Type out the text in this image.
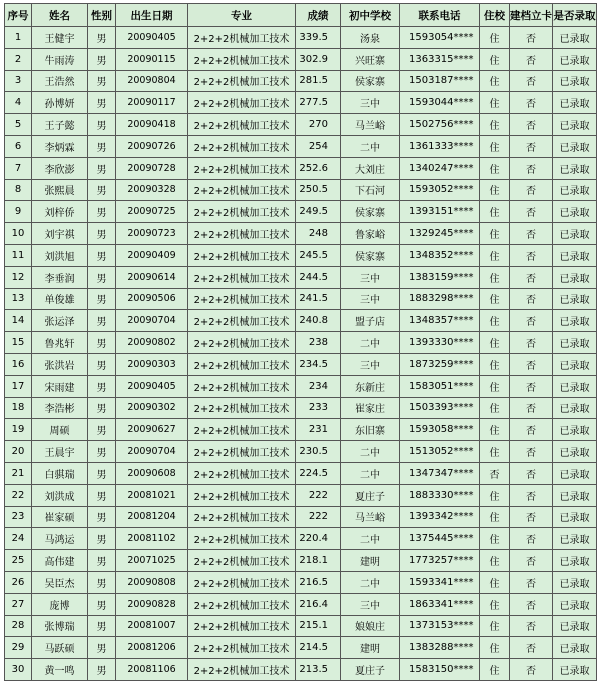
序号	姓名	性别	出生日期	专业	成绩	初中学校	联系电话	住校	建档立卡	是否录取
1	王健宇	男	20090405	2+2+2机械加工技术	339.5	汤泉	1593054****	住	否	已录取
2	牛雨涛	男	20090115	2+2+2机械加工技术	302.9	兴旺寨	1363315****	住	否	已录取
3	王浩然	男	20090804	2+2+2机械加工技术	281.5	侯家寨	1503187****	住	否	已录取
4	孙博妍	男	20090117	2+2+2机械加工技术	277.5	三中	1593044****	住	否	已录取
5	王子懿	男	20090418	2+2+2机械加工技术	270	马兰峪	1502756****	住	否	已录取
6	李炳霖	男	20090726	2+2+2机械加工技术	254	二中	1361333****	住	否	已录取
7	李欣澎	男	20090728	2+2+2机械加工技术	252.6	大刘庄	1340247****	住	否	已录取
8	张熙晨	男	20090328	2+2+2机械加工技术	250.5	下石河	1593052****	住	否	已录取
9	刘梓侨	男	20090725	2+2+2机械加工技术	249.5	侯家寨	1393151****	住	否	已录取
10	刘宇祺	男	20090723	2+2+2机械加工技术	248	鲁家峪	1329245****	住	否	已录取
11	刘洪旭	男	20090409	2+2+2机械加工技术	245.5	侯家寨	1348352****	住	否	已录取
12	李垂润	男	20090614	2+2+2机械加工技术	244.5	三中	1383159****	住	否	已录取
13	单俊雄	男	20090506	2+2+2机械加工技术	241.5	三中	1883298****	住	否	已录取
14	张运泽	男	20090704	2+2+2机械加工技术	240.8	盟子店	1348357****	住	否	已录取
15	鲁兆轩	男	20090802	2+2+2机械加工技术	238	二中	1393330****	住	否	已录取
16	张洪岩	男	20090303	2+2+2机械加工技术	234.5	三中	1873259****	住	否	已录取
17	宋雨建	男	20090405	2+2+2机械加工技术	234	东新庄	1583051****	住	否	已录取
18	李浩彬	男	20090302	2+2+2机械加工技术	233	崔家庄	1503393****	住	否	已录取
19	周硕	男	20090627	2+2+2机械加工技术	231	东旧寨	1593058****	住	否	已录取
20	王晨宇	男	20090704	2+2+2机械加工技术	230.5	二中	1513052****	住	否	已录取
21	白骐瑞	男	20090608	2+2+2机械加工技术	224.5	二中	1347347****	否	否	已录取
22	刘洪成	男	20081021	2+2+2机械加工技术	222	夏庄子	1883330****	住	否	已录取
23	崔家硕	男	20081204	2+2+2机械加工技术	222	马兰峪	1393342****	住	否	已录取
24	马鸿运	男	20081102	2+2+2机械加工技术	220.4	二中	1375445****	住	否	已录取
25	高伟建	男	20071025	2+2+2机械加工技术	218.1	建明	1773257****	住	否	已录取
26	吴臣杰	男	20090808	2+2+2机械加工技术	216.5	二中	1593341****	住	否	已录取
27	庞博	男	20090828	2+2+2机械加工技术	216.4	三中	1863341****	住	否	已录取
28	张博瑞	男	20081007	2+2+2机械加工技术	215.1	娘娘庄	1373153****	住	否	已录取
29	马跃硕	男	20081206	2+2+2机械加工技术	214.5	建明	1383288****	住	否	已录取
30	黄一鸣	男	20081106	2+2+2机械加工技术	213.5	夏庄子	1583150****	住	否	已录取
